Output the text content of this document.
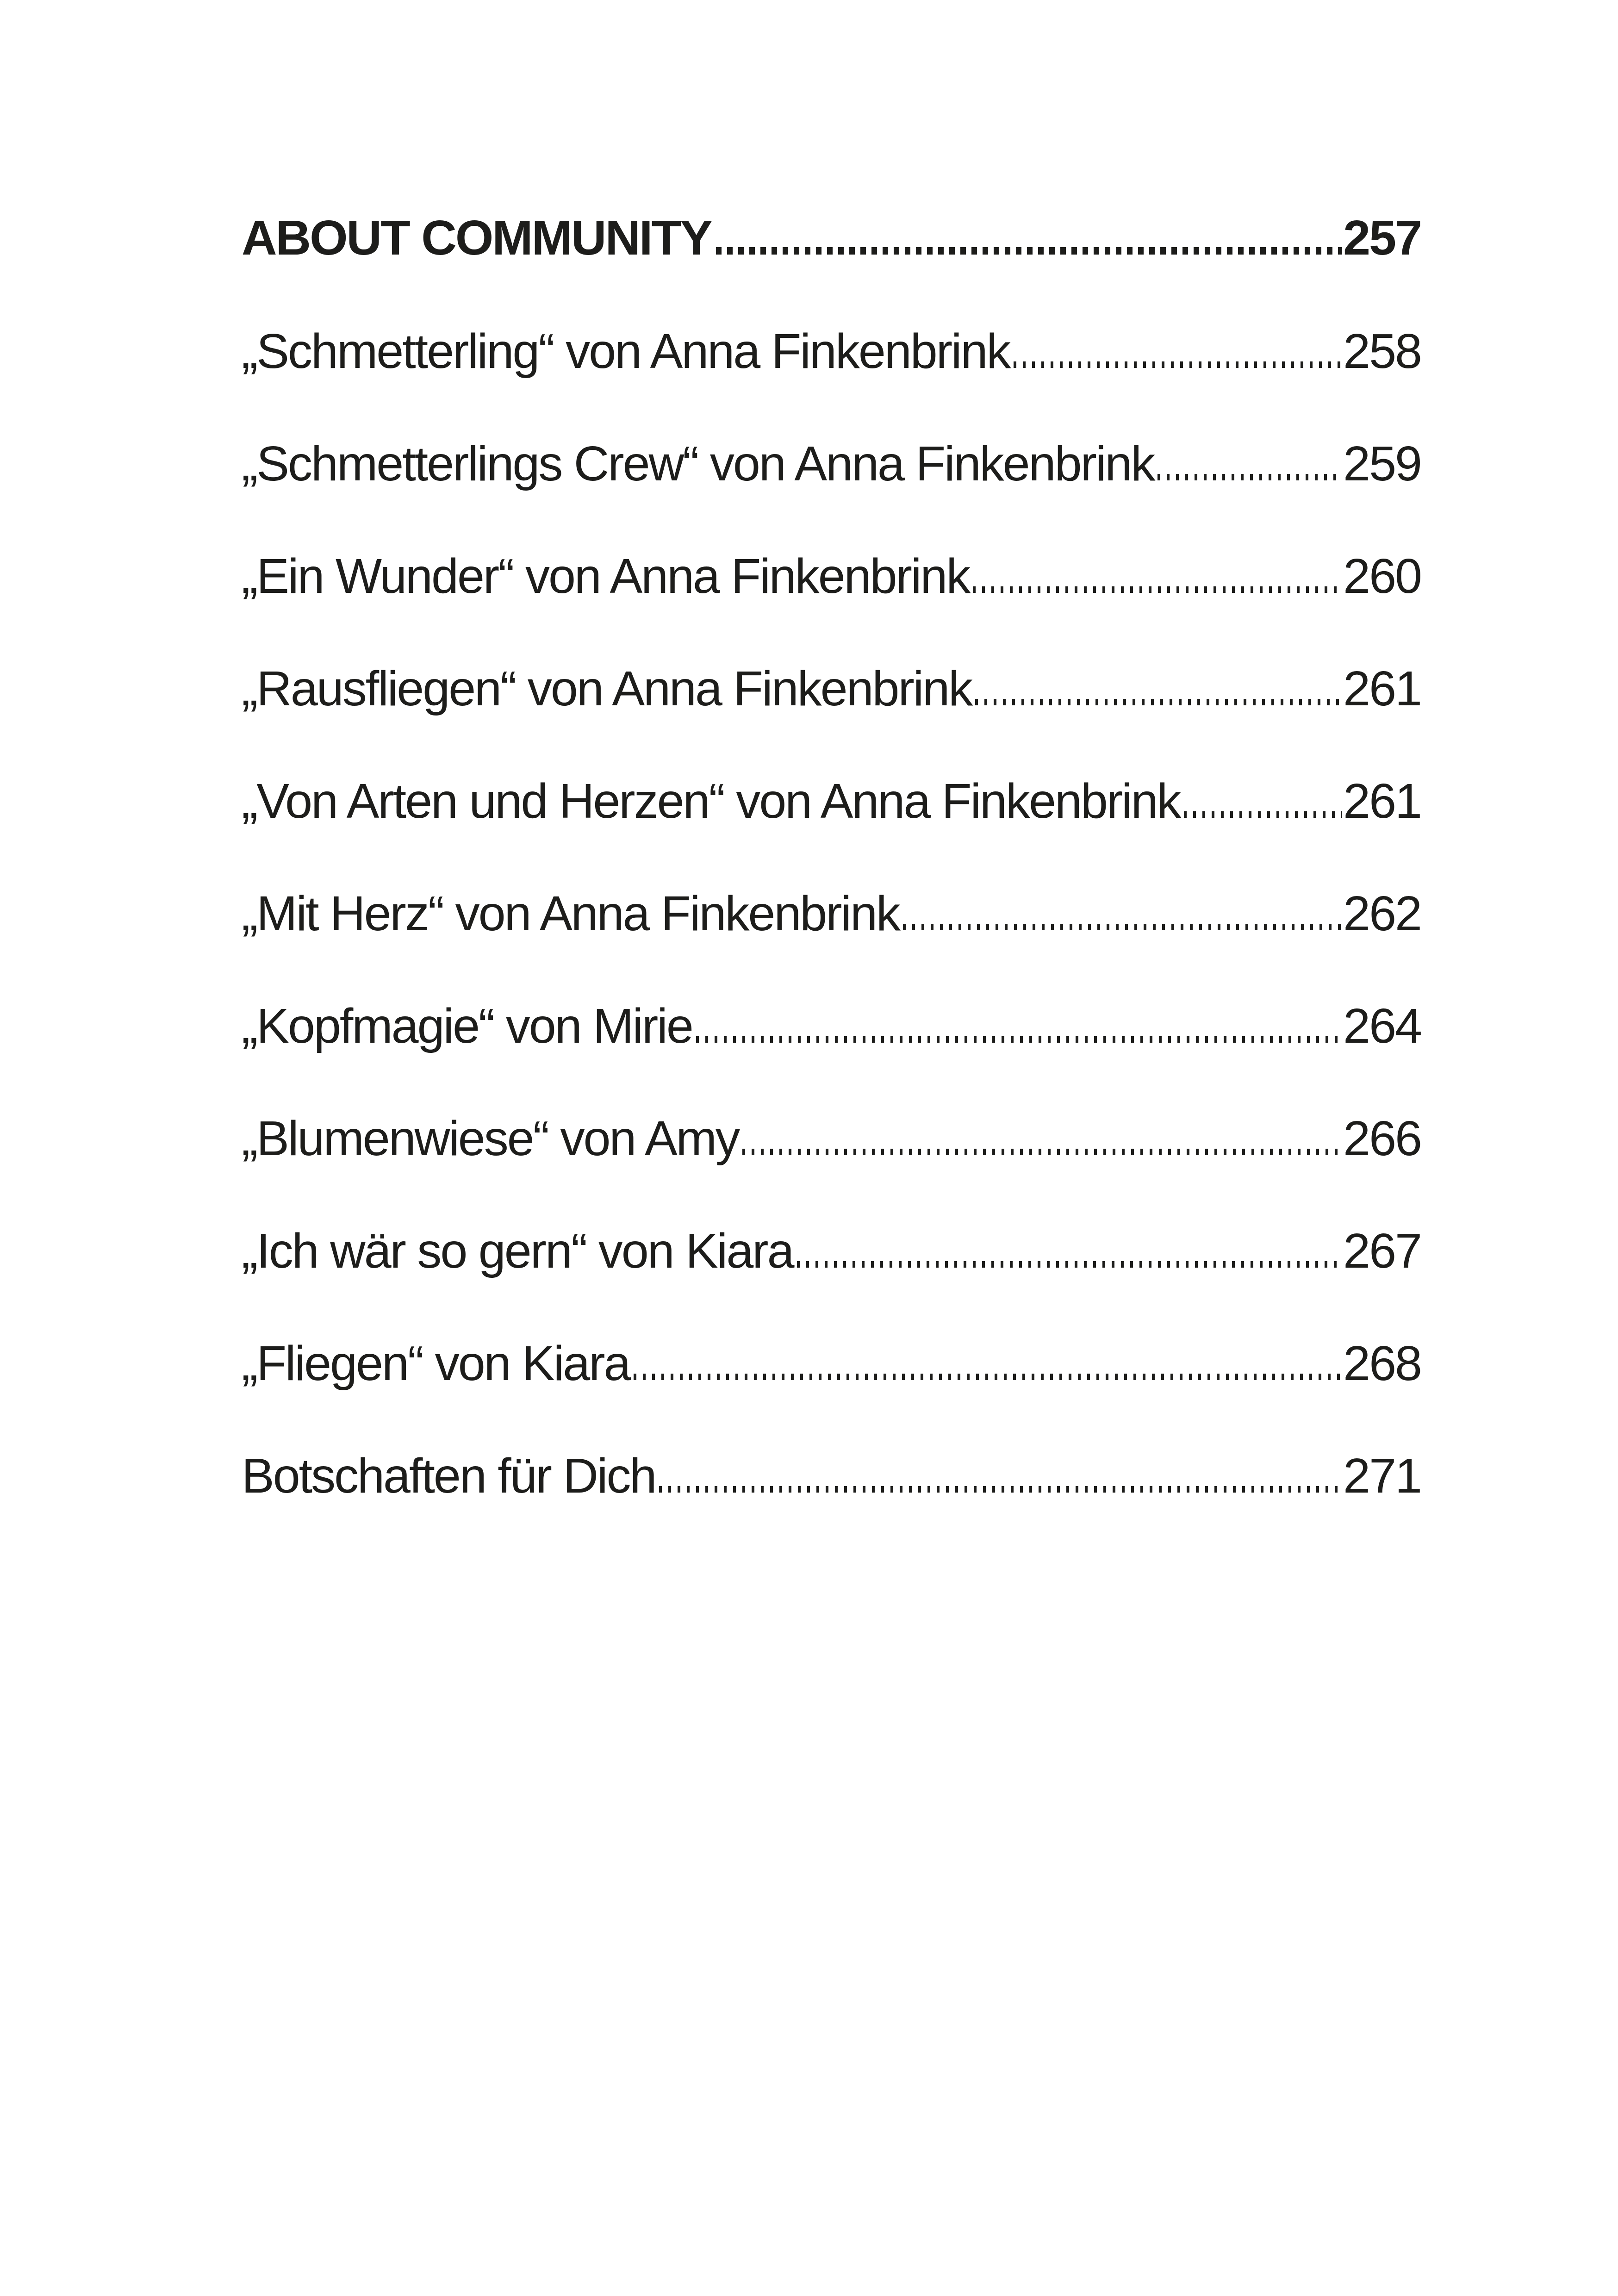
ABOUT COMMUNITY	257
„Schmetterling“ von Anna Finkenbrink	258
„Schmetterlings Crew“ von Anna Finkenbrink	259
„Ein Wunder“ von Anna Finkenbrink	260
„Rausfliegen“ von Anna Finkenbrink	261
„Von Arten und Herzen“ von Anna Finkenbrink	261
„Mit Herz“ von Anna Finkenbrink	262
„Kopfmagie“ von Mirie	264
„Blumenwiese“ von Amy	266
„Ich wär so gern“ von Kiara	267
„Fliegen“ von Kiara	268
Botschaften für Dich	271
